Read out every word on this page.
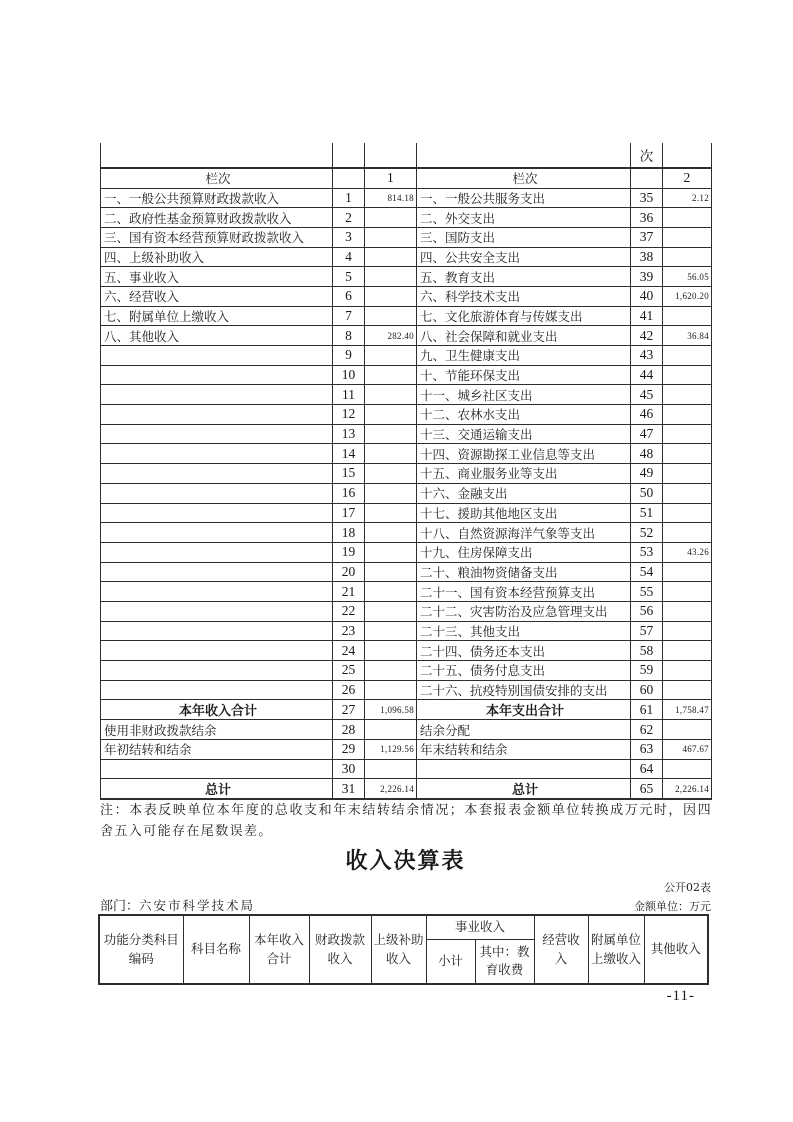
				次	
栏次		1	栏次		2
一、一般公共预算财政拨款收入	1	814.18	一、一般公共服务支出	35	2.12
二、政府性基金预算财政拨款收入	2		二、外交支出	36	
三、国有资本经营预算财政拨款收入	3		三、国防支出	37	
四、上级补助收入	4		四、公共安全支出	38	
五、事业收入	5		五、教育支出	39	56.05
六、经营收入	6		六、科学技术支出	40	1,620.20
七、附属单位上缴收入	7		七、文化旅游体育与传媒支出	41	
八、其他收入	8	282.40	八、社会保障和就业支出	42	36.84
	9		九、卫生健康支出	43	
	10		十、节能环保支出	44	
	11		十一、城乡社区支出	45	
	12		十二、农林水支出	46	
	13		十三、交通运输支出	47	
	14		十四、资源勘探工业信息等支出	48	
	15		十五、商业服务业等支出	49	
	16		十六、金融支出	50	
	17		十七、援助其他地区支出	51	
	18		十八、自然资源海洋气象等支出	52	
	19		十九、住房保障支出	53	43.26
	20		二十、粮油物资储备支出	54	
	21		二十一、国有资本经营预算支出	55	
	22		二十二、灾害防治及应急管理支出	56	
	23		二十三、其他支出	57	
	24		二十四、债务还本支出	58	
	25		二十五、债务付息支出	59	
	26		二十六、抗疫特别国债安排的支出	60	
本年收入合计	27	1,096.58	本年支出合计	61	1,758.47
使用非财政拨款结余	28		结余分配	62	
年初结转和结余	29	1,129.56	年末结转和结余	63	467.67
	30			64	
总计	31	2,226.14	总计	65	2,226.14
注：本表反映单位本年度的总收支和年末结转结余情况；本套报表金额单位转换成万元时，因四舍五入可能存在尾数误差。
收入决算表
公开02表
部门：六安市科学技术局	金额单位：万元
功能分类科目编码	科目名称	本年收入合计	财政拨款收入	上级补助收入	事业收入		经营收入	附属单位上缴收入	其他收入
					小计	其中：教育收费			
-11-
